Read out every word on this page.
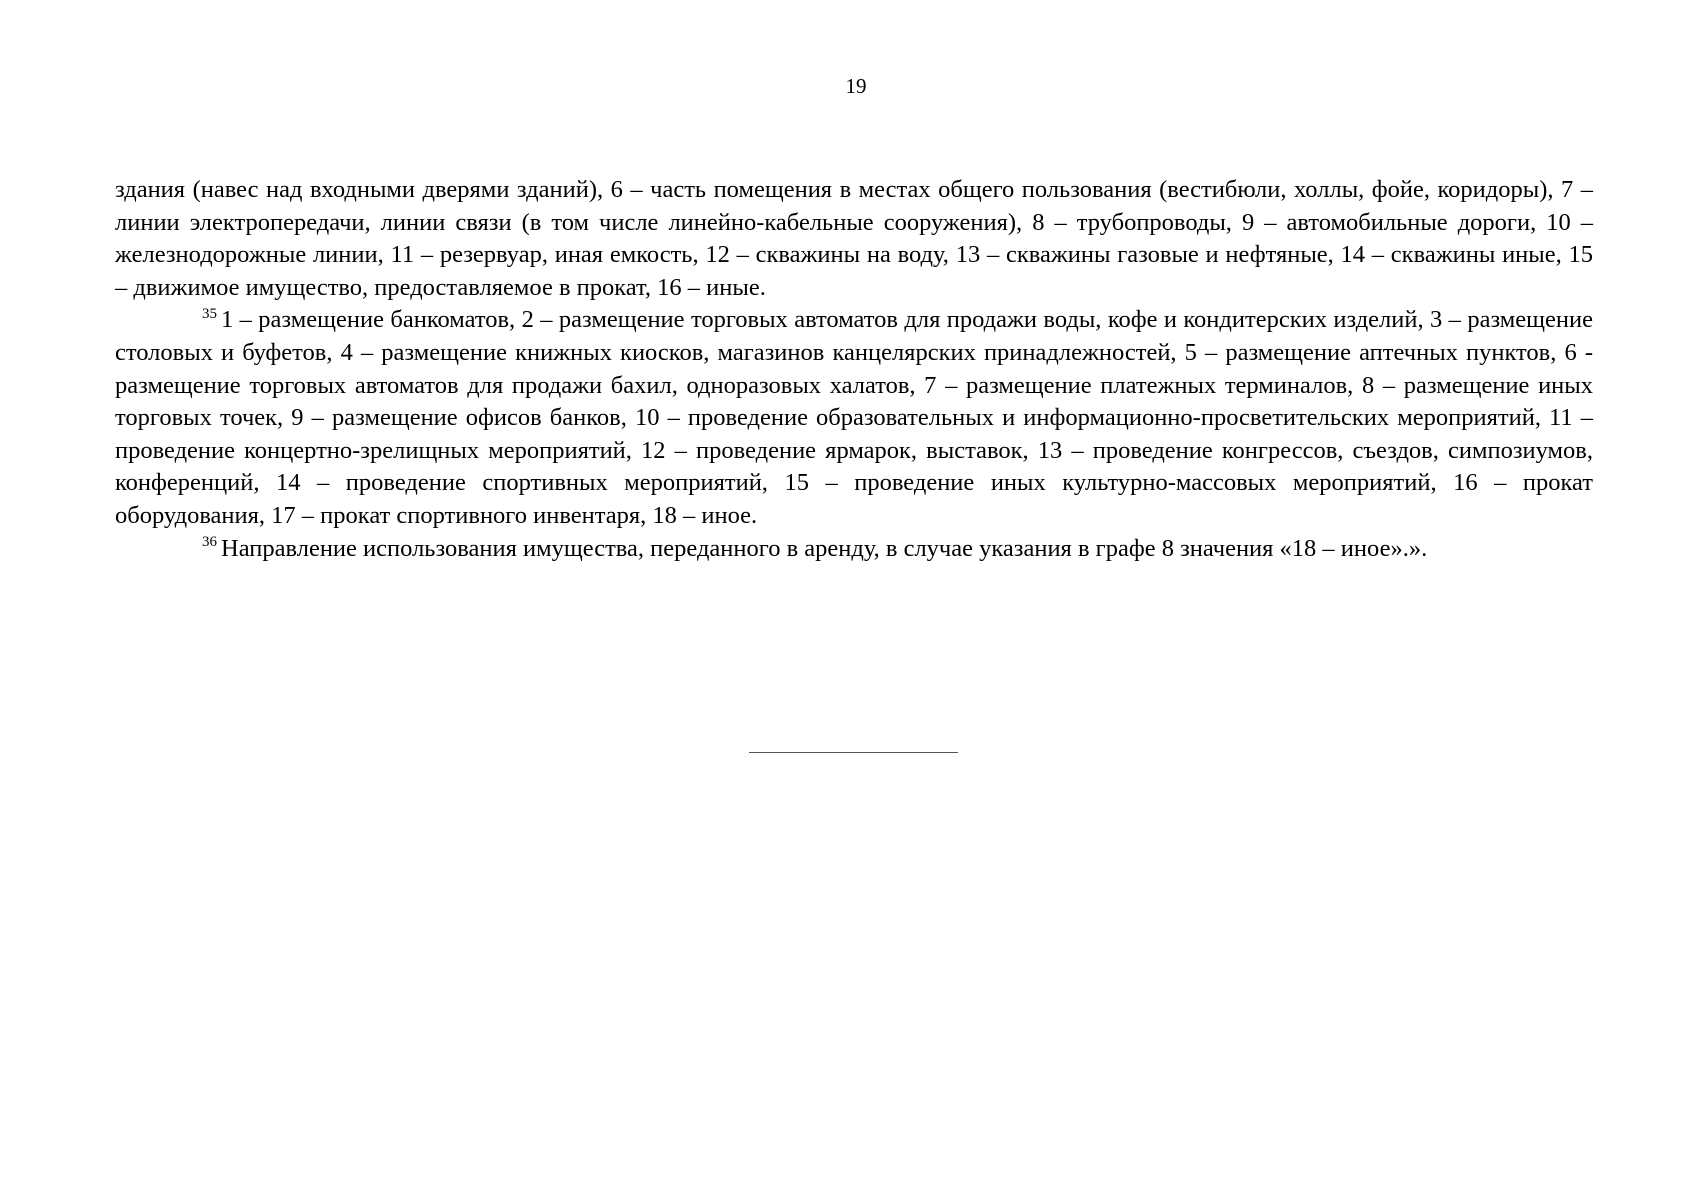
19

здания (навес над входными дверями зданий), 6 – часть помещения в местах общего пользования (вестибюли, холлы, фойе, коридоры), 7 – линии электропередачи, линии связи (в том числе линейно-кабельные сооружения), 8 – трубопроводы, 9 – автомобильные дороги, 10 – железнодорожные линии, 11 – резервуар, иная емкость, 12 – скважины на воду, 13 – скважины газовые и нефтяные, 14 – скважины иные, 15 – движимое имущество, предоставляемое в прокат, 16 – иные.

$^{35}$ 1 – размещение банкоматов, 2 – размещение торговых автоматов для продажи воды, кофе и кондитерских изделий, 3 – размещение столовых и буфетов, 4 – размещение книжных киосков, магазинов канцелярских принадлежностей, 5 – размещение аптечных пунктов, 6 - размещение торговых автоматов для продажи бахил, одноразовых халатов, 7 – размещение платежных терминалов, 8 – размещение иных торговых точек, 9 – размещение офисов банков, 10 – проведение образовательных и информационно-просветительских мероприятий, 11 – проведение концертно-зрелищных мероприятий, 12 – проведение ярмарок, выставок, 13 – проведение конгрессов, съездов, симпозиумов, конференций, 14 – проведение спортивных мероприятий, 15 – проведение иных культурно-массовых мероприятий, 16 – прокат оборудования, 17 – прокат спортивного инвентаря, 18 – иное.

$^{36}$ Направление использования имущества, переданного в аренду, в случае указания в графе 8 значения «18 – иное».».
